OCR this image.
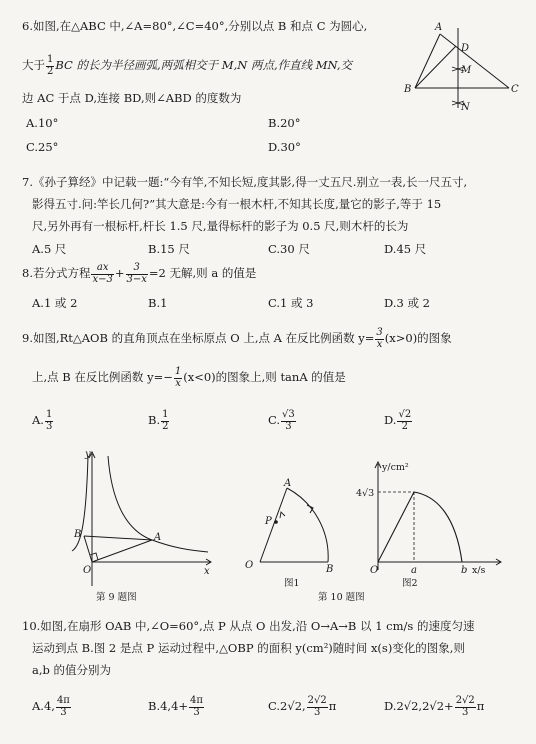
6.如图,在△ABC 中,∠A=80°,∠C=40°,分别以点 B 和点 C 为圆心,
大于 $\frac{1}{2}$ BC 的长为半径画弧,两弧相交于 M,N 两点,作直线 MN,交
边 AC 于点 D,连接 BD,则∠ABD 的度数为
A.10°	B.20°
C.25°	D.30°
A
D
M
B	C
N
7.《孙子算经》中记载一题:“今有竿,不知长短,度其影,得一丈五尺.别立一表,长一尺五寸,
影得五寸.问:竿长几何?”其大意是:今有一根木杆,不知其长度,量它的影子,等于 15
尺,另外再有一根标杆,杆长 1.5 尺,量得标杆的影子为 0.5 尺,则木杆的长为
A.5 尺	B.15 尺	C.30 尺	D.45 尺
8.若分式方程 $\frac{ax}{x-3} + \frac{3}{3-x} =2$ 无解,则 a 的值是
A.1 或 2	B.1	C.1 或 3	D.3 或 2
9.如图,Rt△AOB 的直角顶点在坐标原点 O 上,点 A 在反比例函数 $y= \frac{3}{x} (x>0)$的图象
上,点 B 在反比例函数 $y=- \frac{1}{x} (x<0)$的图象上,则 tanA 的值是
A. $\frac{1}{3}$	B. $\frac{1}{2}$	C. $\frac{√3}{3}$	D. $\frac{√2}{2}$
y
x
O
A
B
第 9 题图
A
P
O	B
图1
y/cm²
4√3
O	a	b x/s
图2
第 10 题图
10.如图,在扇形 OAB 中,∠O=60°,点 P 从点 O 出发,沿 O→A→B 以 1 cm/s 的速度匀速
运动到点 B.图 2 是点 P 运动过程中,△OBP 的面积 y(cm²)随时间 x(s)变化的图象,则
a,b 的值分别为
A.4, $\frac{4\pi}{3}$	$B.4,4+ \frac{4\pi}{3}$	C.2√2, $\frac{2√2}{3}$ π	$D.2√2,2√2+ \frac{2√2}{3}$ π
